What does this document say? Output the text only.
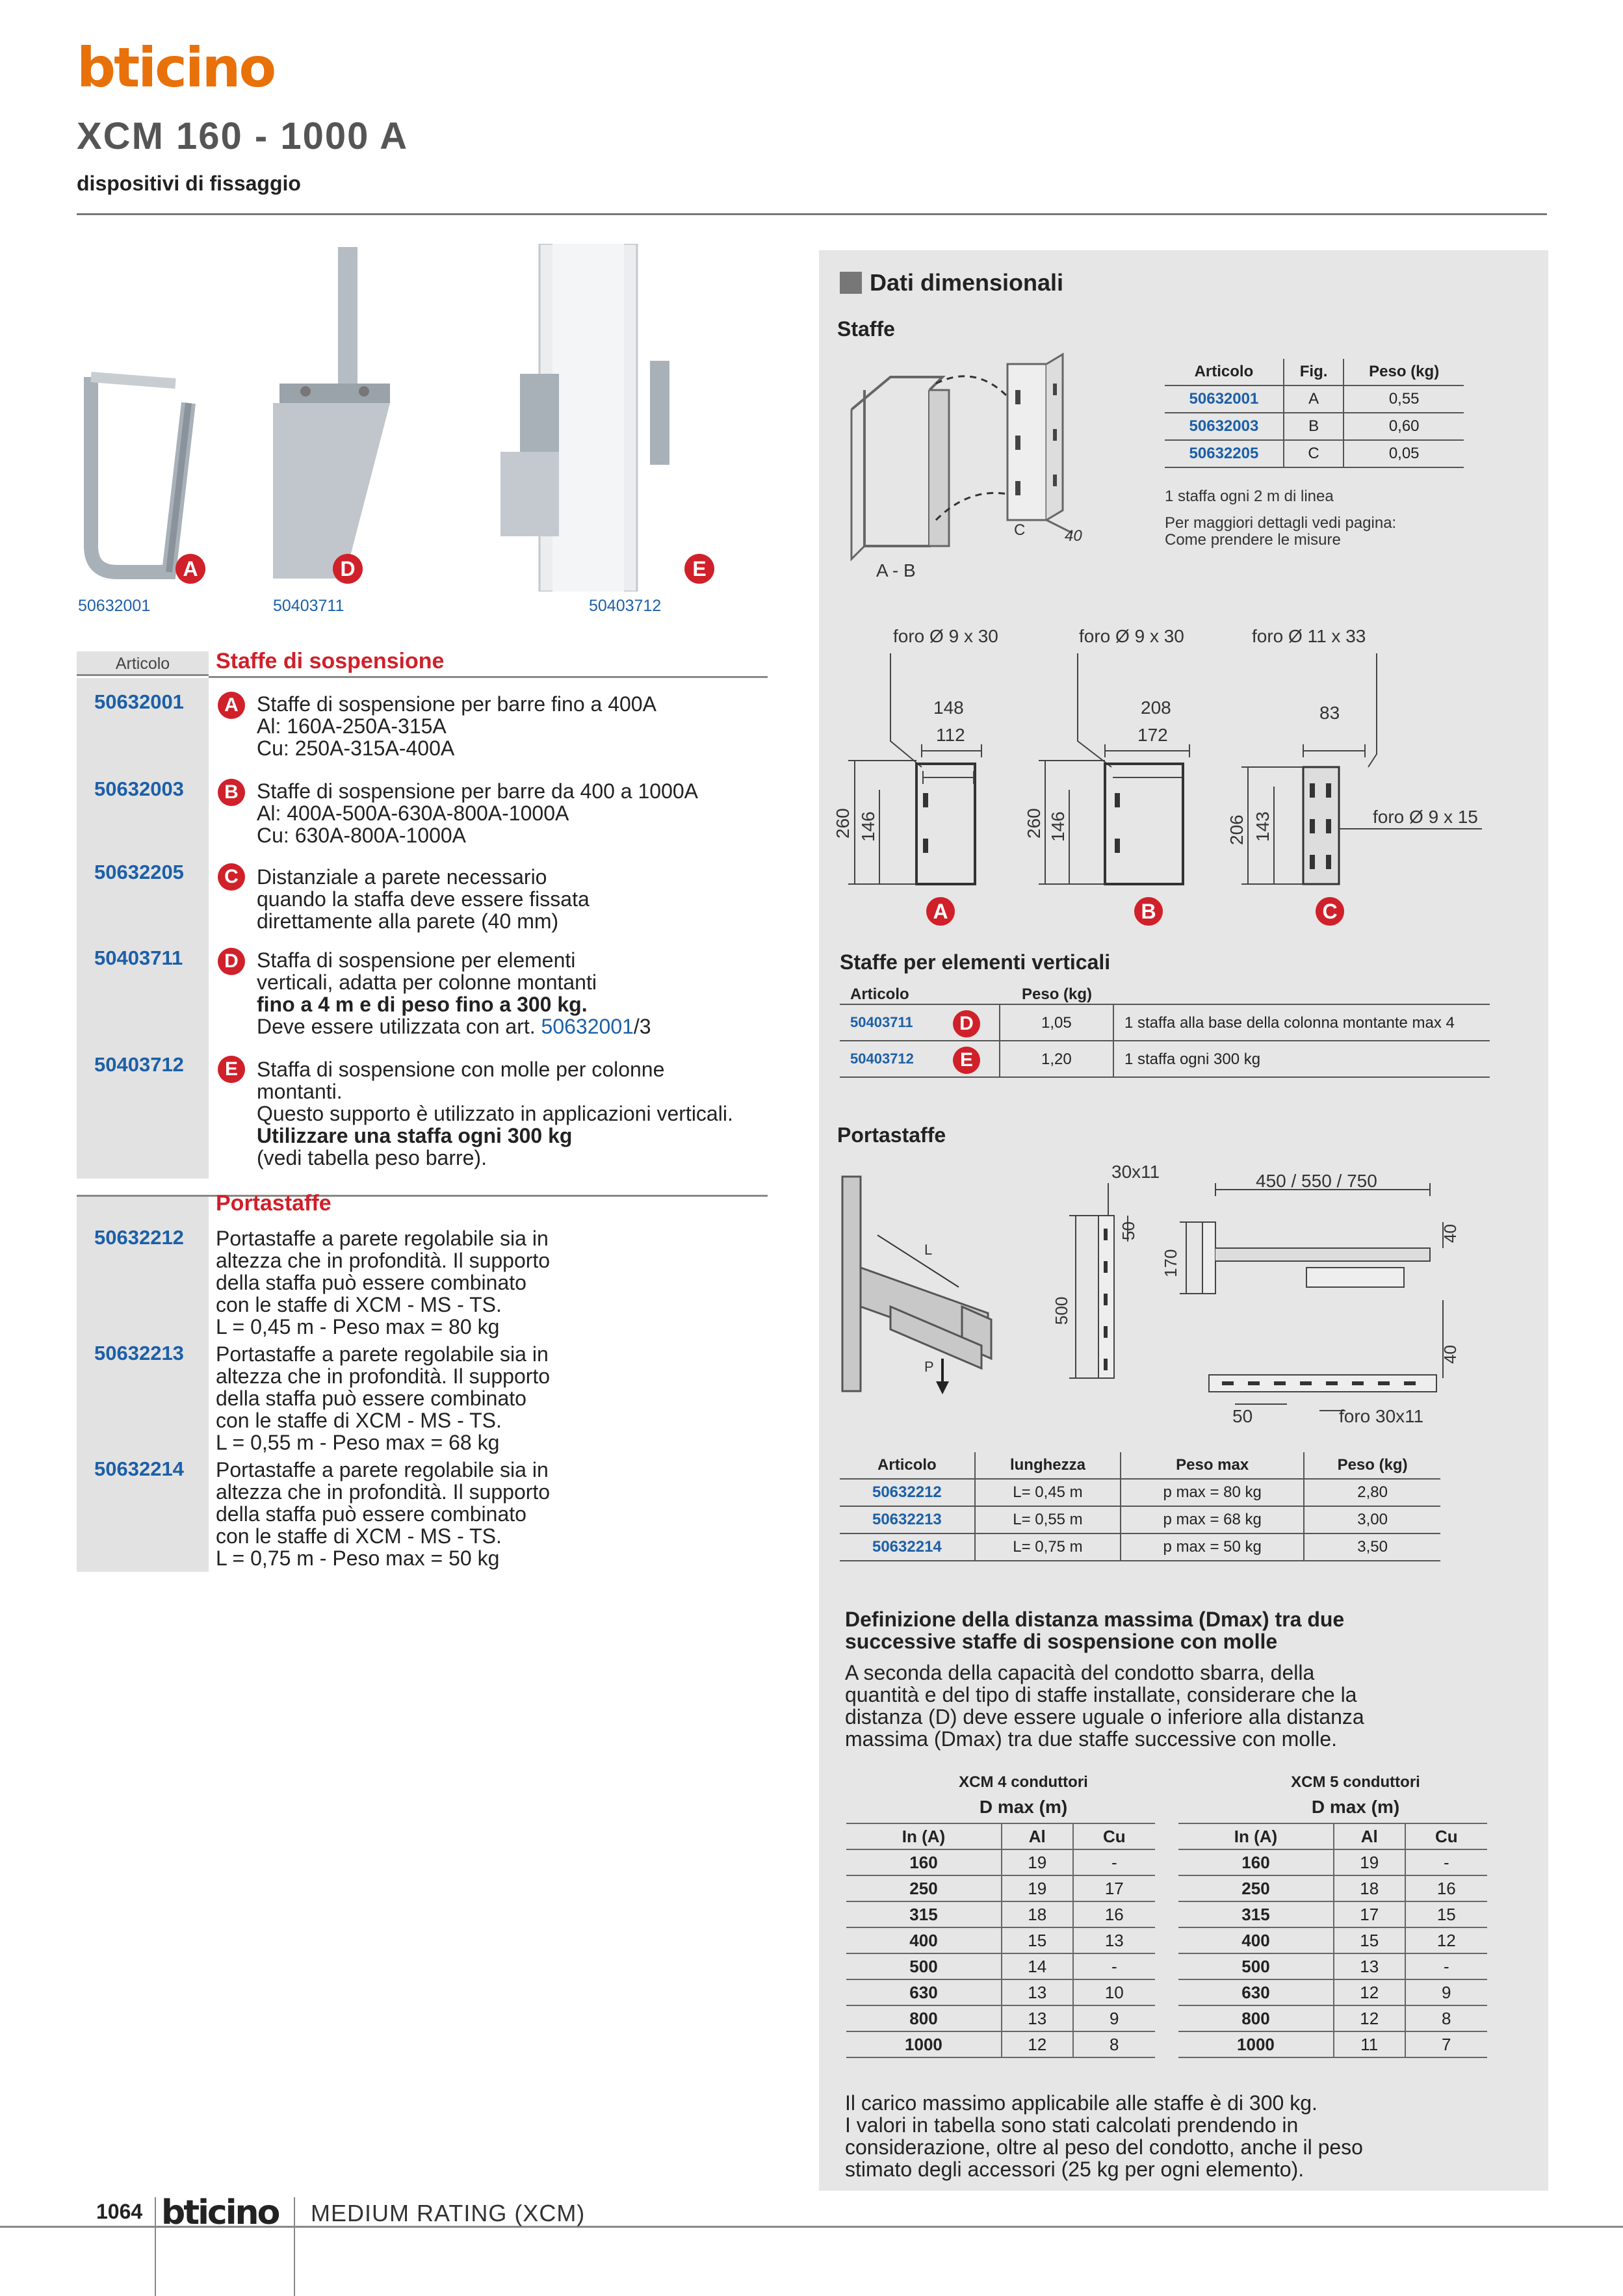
bticino
XCM 160 - 1000 A
dispositivi di fissaggio
A	D	E
50632001	50403711	50403712
Articolo	Staffe di sospensione
50632001	A Staffe di sospensione per barre fino a 400A
Al: 160A-250A-315A
Cu: 250A-315A-400A
50632003	B Staffe di sospensione per barre da 400 a 1000A
Al: 400A-500A-630A-800A-1000A
Cu: 630A-800A-1000A
50632205	C Distanziale a parete necessario
quando la staffa deve essere fissata
direttamente alla parete (40 mm)
50403711	D Staffa di sospensione per elementi
verticali, adatta per colonne montanti
fino a 4 m e di peso fino a 300 kg.
Deve essere utilizzata con art. 50632001/3
50403712	E Staffa di sospensione con molle per colonne
montanti.
Questo supporto è utilizzato in applicazioni verticali.
Utilizzare una staffa ogni 300 kg
(vedi tabella peso barre).
Portastaffe
50632212 Portastaffe a parete regolabile sia in
altezza che in profondità. Il supporto
della staffa può essere combinato
con le staffe di XCM - MS - TS.
L = 0,45 m - Peso max = 80 kg
50632213 Portastaffe a parete regolabile sia in
altezza che in profondità. Il supporto
della staffa può essere combinato
con le staffe di XCM - MS - TS.
L = 0,55 m - Peso max = 68 kg
50632214 Portastaffe a parete regolabile sia in
altezza che in profondità. Il supporto
della staffa può essere combinato
con le staffe di XCM - MS - TS.
L = 0,75 m - Peso max = 50 kg
Dati dimensionali
Staffe
C	40
A - B
Articolo	Fig.	Peso (kg)
50632001	A	0,55
50632003	B	0,60
50632205	C	0,05
1 staffa ogni 2 m di linea
Per maggiori dettagli vedi pagina:
Come prendere le misure
foro Ø 9 x 30
148
112
260 146
foro Ø 9 x 30
208
172
260 146
foro Ø 11 x 33
83
206 143	foro Ø 9 x 15
A	B	C
Staffe per elementi verticali
Articolo	Peso (kg)
50403711	D	1,05	1 staffa alla base della colonna montante max 4
50403712	E	1,20	1 staffa ogni 300 kg
Portastaffe
L
P
30x11	450 / 550 / 750
50
170
40
500
40
50	foro 30x11
Articolo	lunghezza	Peso max	Peso (kg)
50632212	L= 0,45 m	p max = 80 kg	2,80
50632213	L= 0,55 m	p max = 68 kg	3,00
50632214	L= 0,75 m	p max = 50 kg	3,50
Definizione della distanza massima (Dmax) tra due
successive staffe di sospensione con molle
A seconda della capacità del condotto sbarra, della
quantità e del tipo di staffe installate, considerare che la
distanza (D) deve essere uguale o inferiore alla distanza
massima (Dmax) tra due staffe successive con molle.
XCM 4 conduttori
D max (m)
In (A)	Al	Cu
160	19	-
250	19	17
315	18	16
400	15	13
500	14	-
630	13	10
800	13	9
1000	12	8
XCM 5 conduttori
D max (m)
In (A)	Al	Cu
160	19	-
250	18	16
315	17	15
400	15	12
500	13	-
630	12	9
800	12	8
1000	11	7
Il carico massimo applicabile alle staffe è di 300 kg.
I valori in tabella sono stati calcolati prendendo in
considerazione, oltre al peso del condotto, anche il peso
stimato degli accessori (25 kg per ogni elemento).
1064 bticino MEDIUM RATING (XCM)
